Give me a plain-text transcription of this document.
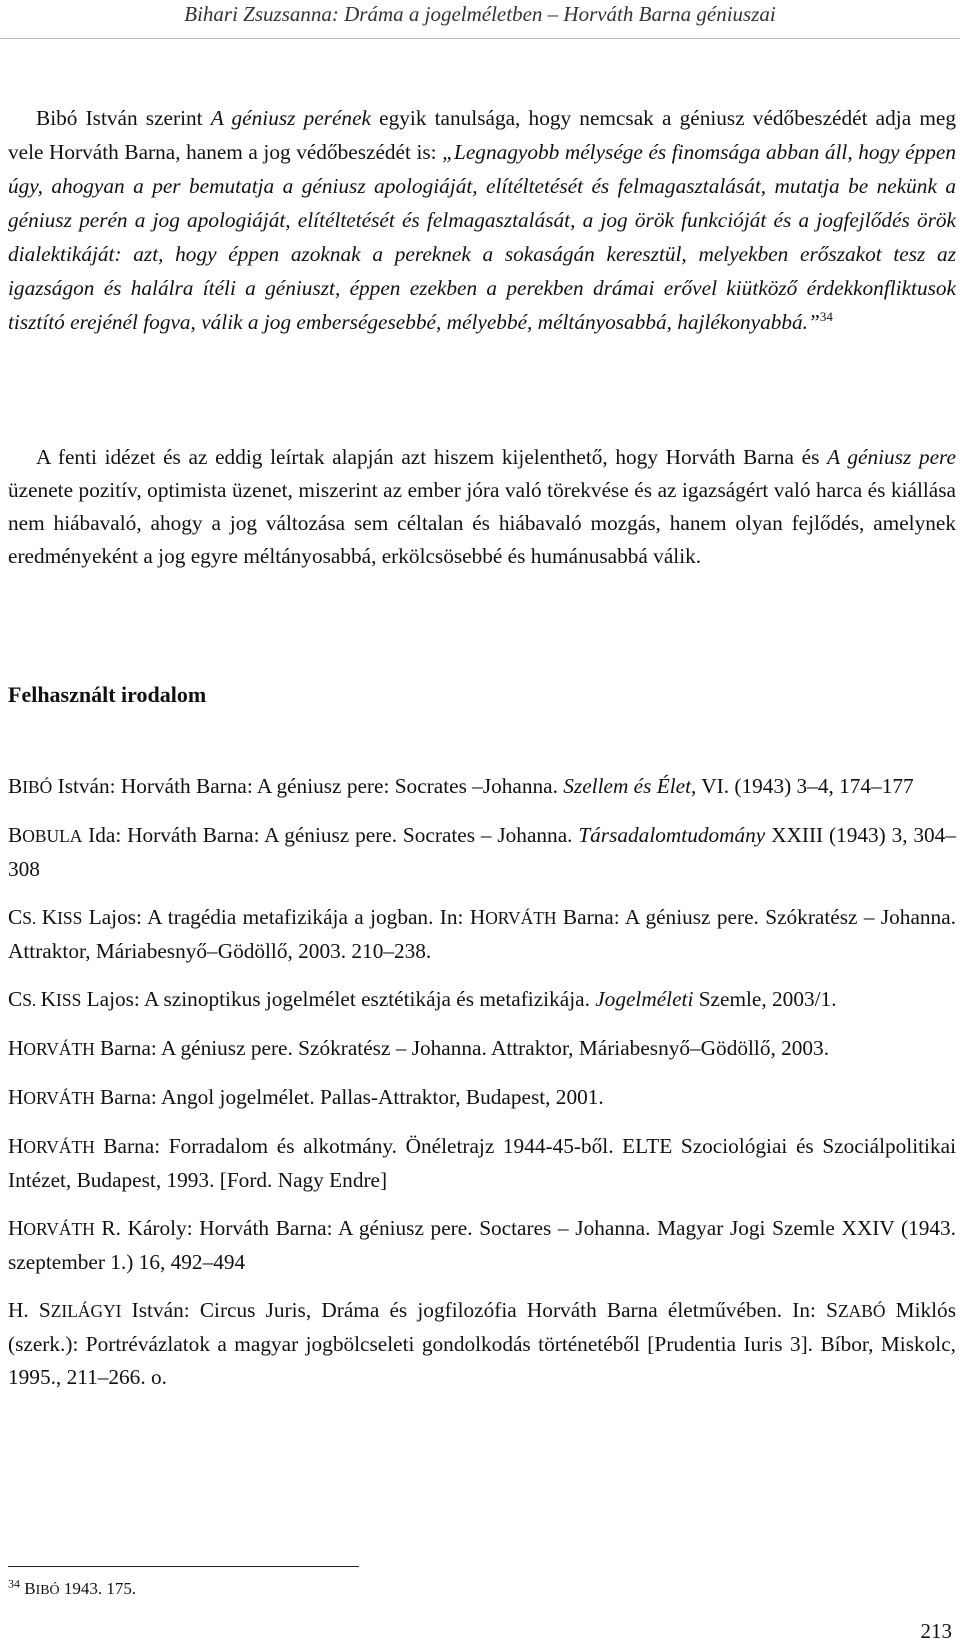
Bihari Zsuzsanna: Dráma a jogelméletben – Horváth Barna géniuszai

Bibó István szerint A géniusz perének egyik tanulsága, hogy nemcsak a géniusz védőbeszédét adja meg vele Horváth Barna, hanem a jog védőbeszédét is: „Legnagyobb mélysége és finomsága abban áll, hogy éppen úgy, ahogyan a per bemutatja a géniusz apologiáját, elítéltetését és felmagasztalását, mutatja be nekünk a géniusz perén a jog apologiáját, elítéltetését és felmagasztalását, a jog örök funkcióját és a jogfejlődés örök dialektikáját: azt, hogy éppen azoknak a pereknek a sokaságán keresztül, melyekben erőszakot tesz az igazságon és halálra ítéli a géniuszt, éppen ezekben a perekben drámai erővel kiütköző érdekkonfliktusok tisztító erejénél fogva, válik a jog emberségesebbé, mélyebbé, méltányosabbá, hajlékonyabbá.”$^{34}$

A fenti idézet és az eddig leírtak alapján azt hiszem kijelenthető, hogy Horváth Barna és A géniusz pere üzenete pozitív, optimista üzenet, miszerint az ember jóra való törekvése és az igazságért való harca és kiállása nem hiábavaló, ahogy a jog változása sem céltalan és hiábavaló mozgás, hanem olyan fejlődés, amelynek eredményeként a jog egyre méltányosabbá, erkölcsösebbé és humánusabbá válik.

Felhasznált irodalom

BIBÓ István: Horváth Barna: A géniusz pere: Socrates –Johanna. Szellem és Élet, VI. (1943) 3–4, 174–177

BOBULA Ida: Horváth Barna: A géniusz pere. Socrates – Johanna. Társadalomtudomány XXIII (1943) 3, 304–308

CS. KISS Lajos: A tragédia metafizikája a jogban. In: HORVÁTH Barna: A géniusz pere. Szókratész – Johanna. Attraktor, Máriabesnyő–Gödöllő, 2003. 210–238.

CS. KISS Lajos: A szinoptikus jogelmélet esztétikája és metafizikája. Jogelméleti Szemle, 2003/1.

HORVÁTH Barna: A géniusz pere. Szókratész – Johanna. Attraktor, Máriabesnyő–Gödöllő, 2003.

HORVÁTH Barna: Angol jogelmélet. Pallas-Attraktor, Budapest, 2001.

HORVÁTH Barna: Forradalom és alkotmány. Önéletrajz 1944-45-ből. ELTE Szociológiai és Szociálpolitikai Intézet, Budapest, 1993. [Ford. Nagy Endre]

HORVÁTH R. Károly: Horváth Barna: A géniusz pere. Soctares – Johanna. Magyar Jogi Szemle XXIV (1943. szeptember 1.) 16, 492–494

H. SZILÁGYI István: Circus Juris, Dráma és jogfilozófia Horváth Barna életművében. In: SZABÓ Miklós (szerk.): Portrévázlatok a magyar jogbölcseleti gondolkodás történetéből [Prudentia Iuris 3]. Bíbor, Miskolc, 1995., 211–266. o.

$^{34}$ BIBÓ 1943. 175.
213
